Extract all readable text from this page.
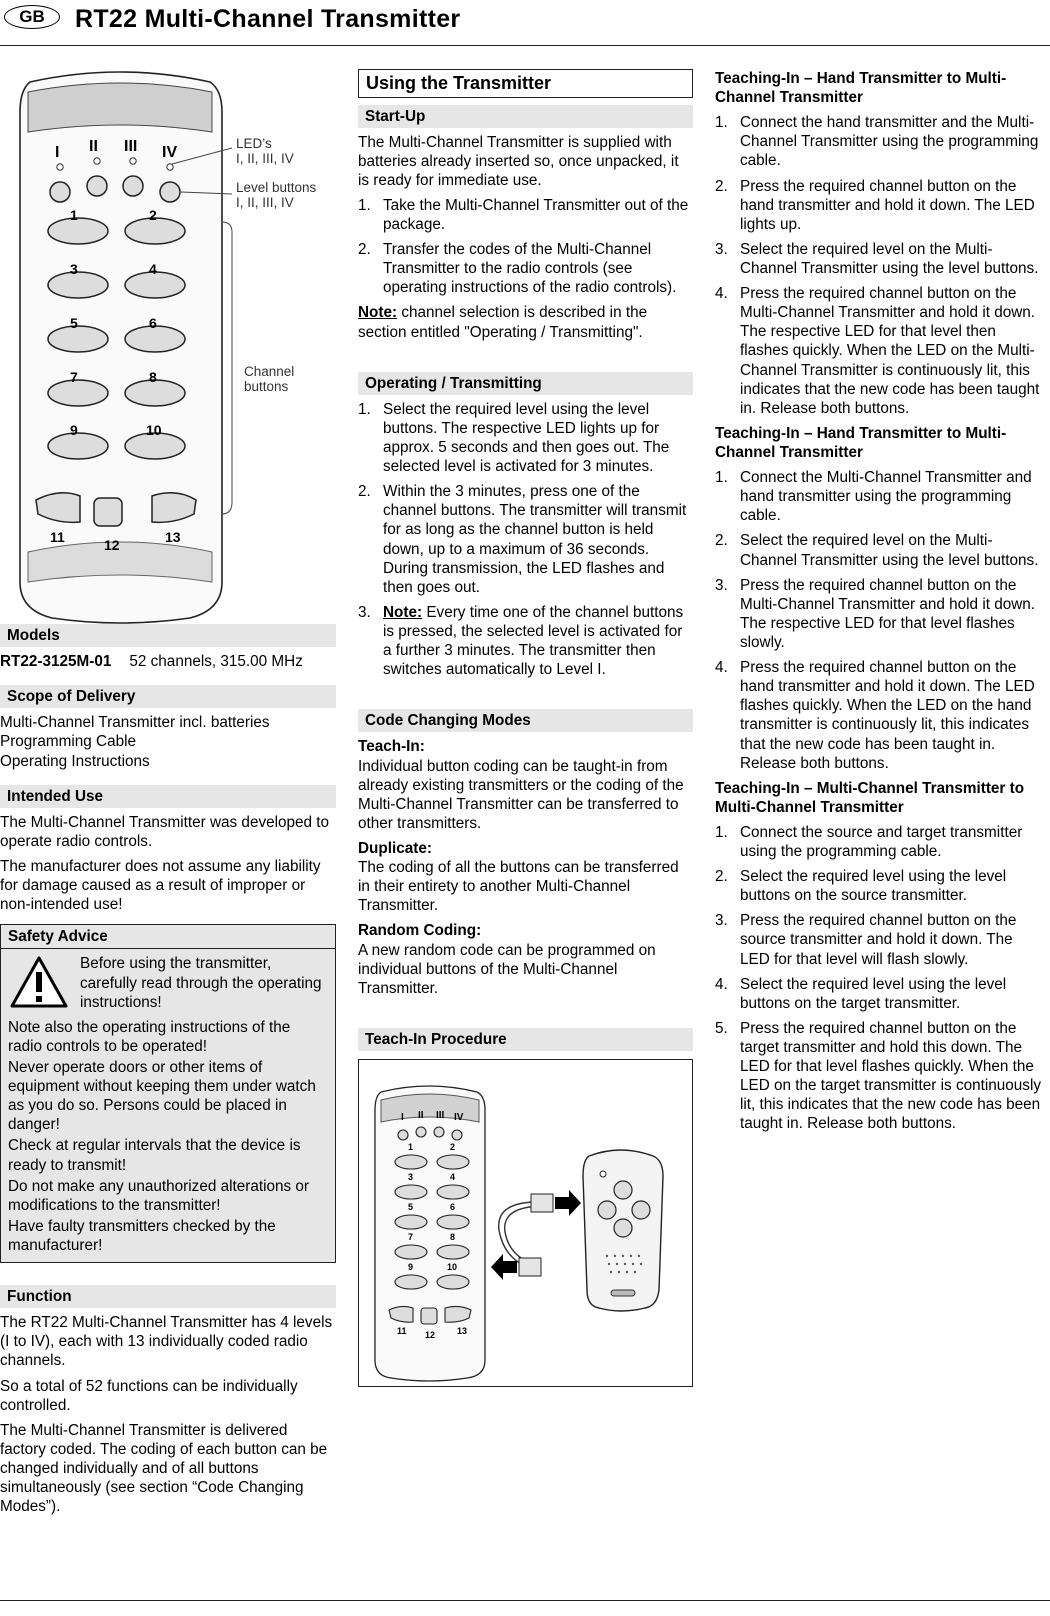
GB	RT22 Multi-Channel Transmitter
I II III IV
1	2
3	4
5	6
7	8
9	10
11	12	13
LED’s
I, II, III, IV
Level buttons
I, II, III, IV
Channel
buttons
Models
RT22-3125M-01 52 channels, 315.00 MHz
Scope of Delivery
Multi-Channel Transmitter incl. batteries
Programming Cable
Operating Instructions
Intended Use

The Multi-Channel Transmitter was developed to operate radio controls.

The manufacturer does not assume any liability for damage caused as a result of improper or non-intended use!

Safety Advice
Before using the transmitter, carefully read through the operating instructions!

Note also the operating instructions of the radio controls to be operated!

Never operate doors or other items of equipment without keeping them under watch as you do so. Persons could be placed in danger!

Check at regular intervals that the device is ready to transmit!

Do not make any unauthorized alterations or modifications to the transmitter!

Have faulty transmitters checked by the manufacturer!

Function

The RT22 Multi-Channel Transmitter has 4 levels (I to IV), each with 13 individually coded radio channels.

So a total of 52 functions can be individually controlled.

The Multi-Channel Transmitter is delivered factory coded. The coding of each button can be changed individually and of all buttons simultaneously (see section “Code Changing Modes”).

Using the Transmitter
Start-Up

The Multi-Channel Transmitter is supplied with batteries already inserted so, once unpacked, it is ready for immediate use.

1. Take the Multi-Channel Transmitter out of the package.
2. Transfer the codes of the Multi-Channel Transmitter to the radio controls (see operating instructions of the radio controls).

Note: channel selection is described in the section entitled "Operating / Transmitting".

Operating / Transmitting
1. Select the required level using the level buttons. The respective LED lights up for approx. 5 seconds and then goes out. The selected level is activated for 3 minutes.
2. Within the 3 minutes, press one of the channel buttons. The transmitter will transmit for as long as the channel button is held down, up to a maximum of 36 seconds. During transmission, the LED flashes and then goes out.
3. Note: Every time one of the channel buttons is pressed, the selected level is activated for a further 3 minutes. The transmitter then switches automatically to Level I.
Code Changing Modes
Teach-In:

Individual button coding can be taught-in from already existing transmitters or the coding of the Multi-Channel Transmitter can be transferred to other transmitters.

Duplicate:

The coding of all the buttons can be transferred in their entirety to another Multi-Channel Transmitter.

Random Coding:

A new random code can be programmed on individual buttons of the Multi-Channel Transmitter.

Teach-In Procedure
I II III IV
1	2
3	4
5	6
7	8
9	10
11 12 13
Teaching-In – Hand Transmitter to Multi-Channel Transmitter
1. Connect the hand transmitter and the Multi-Channel Transmitter using the programming cable.
2. Press the required channel button on the hand transmitter and hold it down. The LED lights up.
3. Select the required level on the Multi-Channel Transmitter using the level buttons.
4. Press the required channel button on the Multi-Channel Transmitter and hold it down. The respective LED for that level then flashes quickly. When the LED on the Multi-Channel Transmitter is continuously lit, this indicates that the new code has been taught in. Release both buttons.
Teaching-In – Hand Transmitter to Multi-Channel Transmitter
1. Connect the Multi-Channel Transmitter and hand transmitter using the programming cable.
2. Select the required level on the Multi-Channel Transmitter using the level buttons.
3. Press the required channel button on the Multi-Channel Transmitter and hold it down. The respective LED for that level flashes slowly.
4. Press the required channel button on the hand transmitter and hold it down. The LED flashes quickly. When the LED on the hand transmitter is continuously lit, this indicates that the new code has been taught in. Release both buttons.
Teaching-In – Multi-Channel Transmitter to Multi-Channel Transmitter
1. Connect the source and target transmitter using the programming cable.
2. Select the required level using the level buttons on the source transmitter.
3. Press the required channel button on the source transmitter and hold it down. The LED for that level will flash slowly.
4. Select the required level using the level buttons on the target transmitter.
5. Press the required channel button on the target transmitter and hold this down. The LED for that level flashes quickly. When the LED on the target transmitter is continuously lit, this indicates that the new code has been taught in. Release both buttons.
